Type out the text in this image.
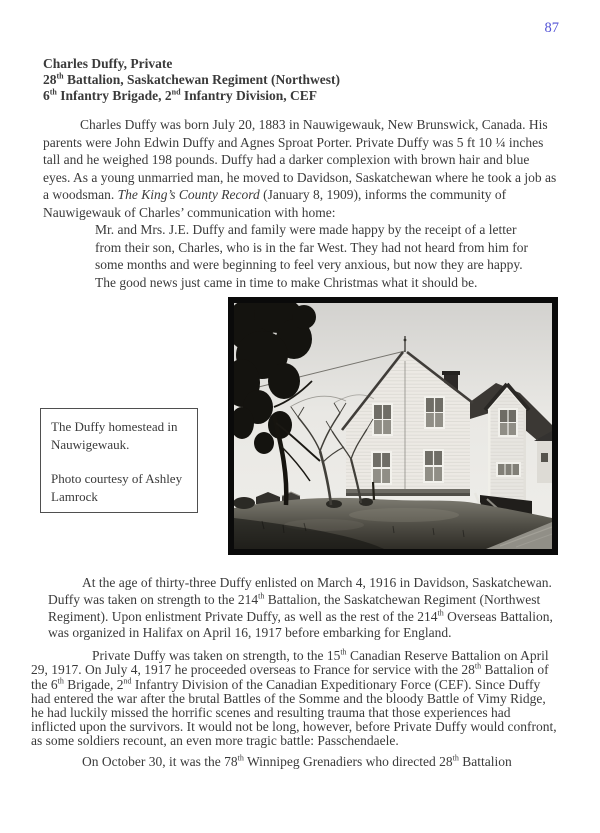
87
Charles Duffy, Private
28th Battalion, Saskatchewan Regiment (Northwest)
6th Infantry Brigade, 2nd Infantry Division, CEF

Charles Duffy was born July 20, 1883 in Nauwigewauk, New Brunswick, Canada. His parents were John Edwin Duffy and Agnes Sproat Porter. Private Duffy was 5 ft 10 ¼ inches tall and he weighed 198 pounds. Duffy had a darker complexion with brown hair and blue eyes. As a young unmarried man, he moved to Davidson, Saskatchewan where he took a job as a woodsman. The King’s County Record (January 8, 1909), informs the community of Nauwigewauk of Charles’ communication with home:

Mr. and Mrs. J.E. Duffy and family were made happy by the receipt of a letter from their son, Charles, who is in the far West. They had not heard from him for some months and were beginning to feel very anxious, but now they are happy. The good news just came in time to make Christmas what it should be.

The Duffy homestead in Nauwigewauk.

Photo courtesy of Ashley Lamrock

At the age of thirty-three Duffy enlisted on March 4, 1916 in Davidson, Saskatchewan. Duffy was taken on strength to the 214th Battalion, the Saskatchewan Regiment (Northwest Regiment). Upon enlistment Private Duffy, as well as the rest of the 214th Overseas Battalion, was organized in Halifax on April 16, 1917 before embarking for England.

Private Duffy was taken on strength, to the 15th Canadian Reserve Battalion on April 29, 1917. On July 4, 1917 he proceeded overseas to France for service with the 28th Battalion of the 6th Brigade, 2nd Infantry Division of the Canadian Expeditionary Force (CEF). Since Duffy had entered the war after the brutal Battles of the Somme and the bloody Battle of Vimy Ridge, he had luckily missed the horrific scenes and resulting trauma that those experiences had inflicted upon the survivors. It would not be long, however, before Private Duffy would confront, as some soldiers recount, an even more tragic battle: Passchendaele.

On October 30, it was the 78th Winnipeg Grenadiers who directed 28th Battalion
